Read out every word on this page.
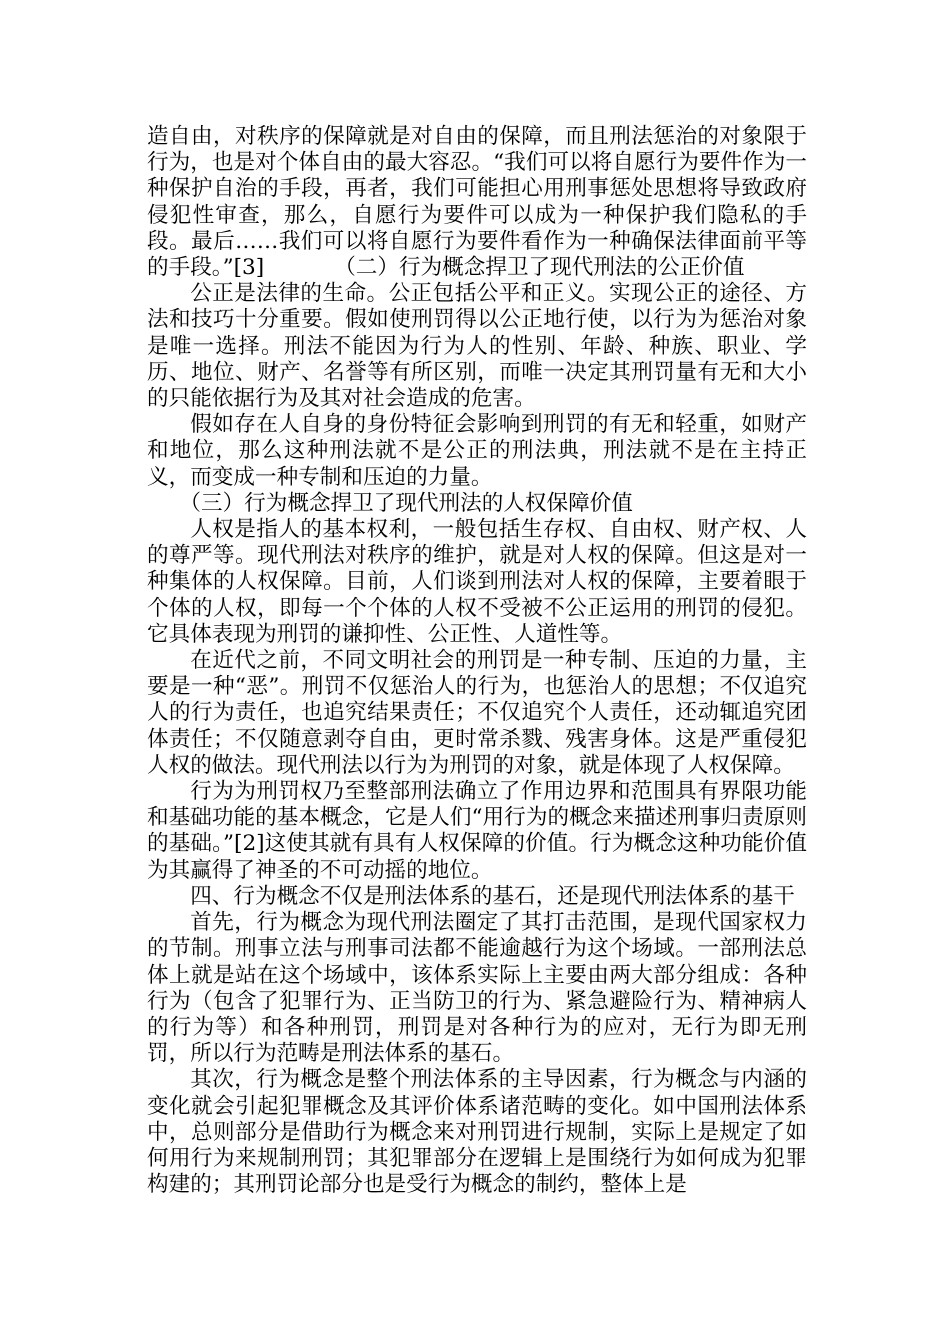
造自由，对秩序的保障就是对自由的保障，而且刑法惩治的对象限于行为，也是对个体自由的最大容忍。“我们可以将自愿行为要件作为一种保护自治的手段，再者，我们可能担心用刑事惩处思想将导致政府侵犯性审查，那么，自愿行为要件可以成为一种保护我们隐私的手段。最后……我们可以将自愿行为要件看作为一种确保法律面前平等的手段。”[3]	（二）行为概念捍卫了现代刑法的公正价值

公正是法律的生命。公正包括公平和正义。实现公正的途径、方法和技巧十分重要。假如使刑罚得以公正地行使，以行为为惩治对象是唯一选择。刑法不能因为行为人的性别、年龄、种族、职业、学历、地位、财产、名誉等有所区别，而唯一决定其刑罚量有无和大小的只能依据行为及其对社会造成的危害。

假如存在人自身的身份特征会影响到刑罚的有无和轻重，如财产和地位，那么这种刑法就不是公正的刑法典，刑法就不是在主持正义，而变成一种专制和压迫的力量。

（三）行为概念捍卫了现代刑法的人权保障价值

人权是指人的基本权利，一般包括生存权、自由权、财产权、人的尊严等。现代刑法对秩序的维护，就是对人权的保障。但这是对一种集体的人权保障。目前，人们谈到刑法对人权的保障，主要着眼于个体的人权，即每一个个体的人权不受被不公正运用的刑罚的侵犯。它具体表现为刑罚的谦抑性、公正性、人道性等。

在近代之前，不同文明社会的刑罚是一种专制、压迫的力量，主要是一种“恶”。刑罚不仅惩治人的行为，也惩治人的思想；不仅追究人的行为责任，也追究结果责任；不仅追究个人责任，还动辄追究团体责任；不仅随意剥夺自由，更时常杀戮、残害身体。这是严重侵犯人权的做法。现代刑法以行为为刑罚的对象，就是体现了人权保障。

行为为刑罚权乃至整部刑法确立了作用边界和范围具有界限功能和基础功能的基本概念，它是人们“用行为的概念来描述刑事归责原则的基础。”[2]这使其就有具有人权保障的价值。行为概念这种功能价值为其赢得了神圣的不可动摇的地位。

四、行为概念不仅是刑法体系的基石，还是现代刑法体系的基干

首先，行为概念为现代刑法圈定了其打击范围，是现代国家权力的节制。刑事立法与刑事司法都不能逾越行为这个场域。一部刑法总体上就是站在这个场域中，该体系实际上主要由两大部分组成：各种行为（包含了犯罪行为、正当防卫的行为、紧急避险行为、精神病人的行为等）和各种刑罚，刑罚是对各种行为的应对，无行为即无刑罚，所以行为范畴是刑法体系的基石。

其次，行为概念是整个刑法体系的主导因素，行为概念与内涵的变化就会引起犯罪概念及其评价体系诸范畴的变化。如中国刑法体系中，总则部分是借助行为概念来对刑罚进行规制，实际上是规定了如何用行为来规制刑罚；其犯罪部分在逻辑上是围绕行为如何成为犯罪构建的；其刑罚论部分也是受行为概念的制约，整体上是
